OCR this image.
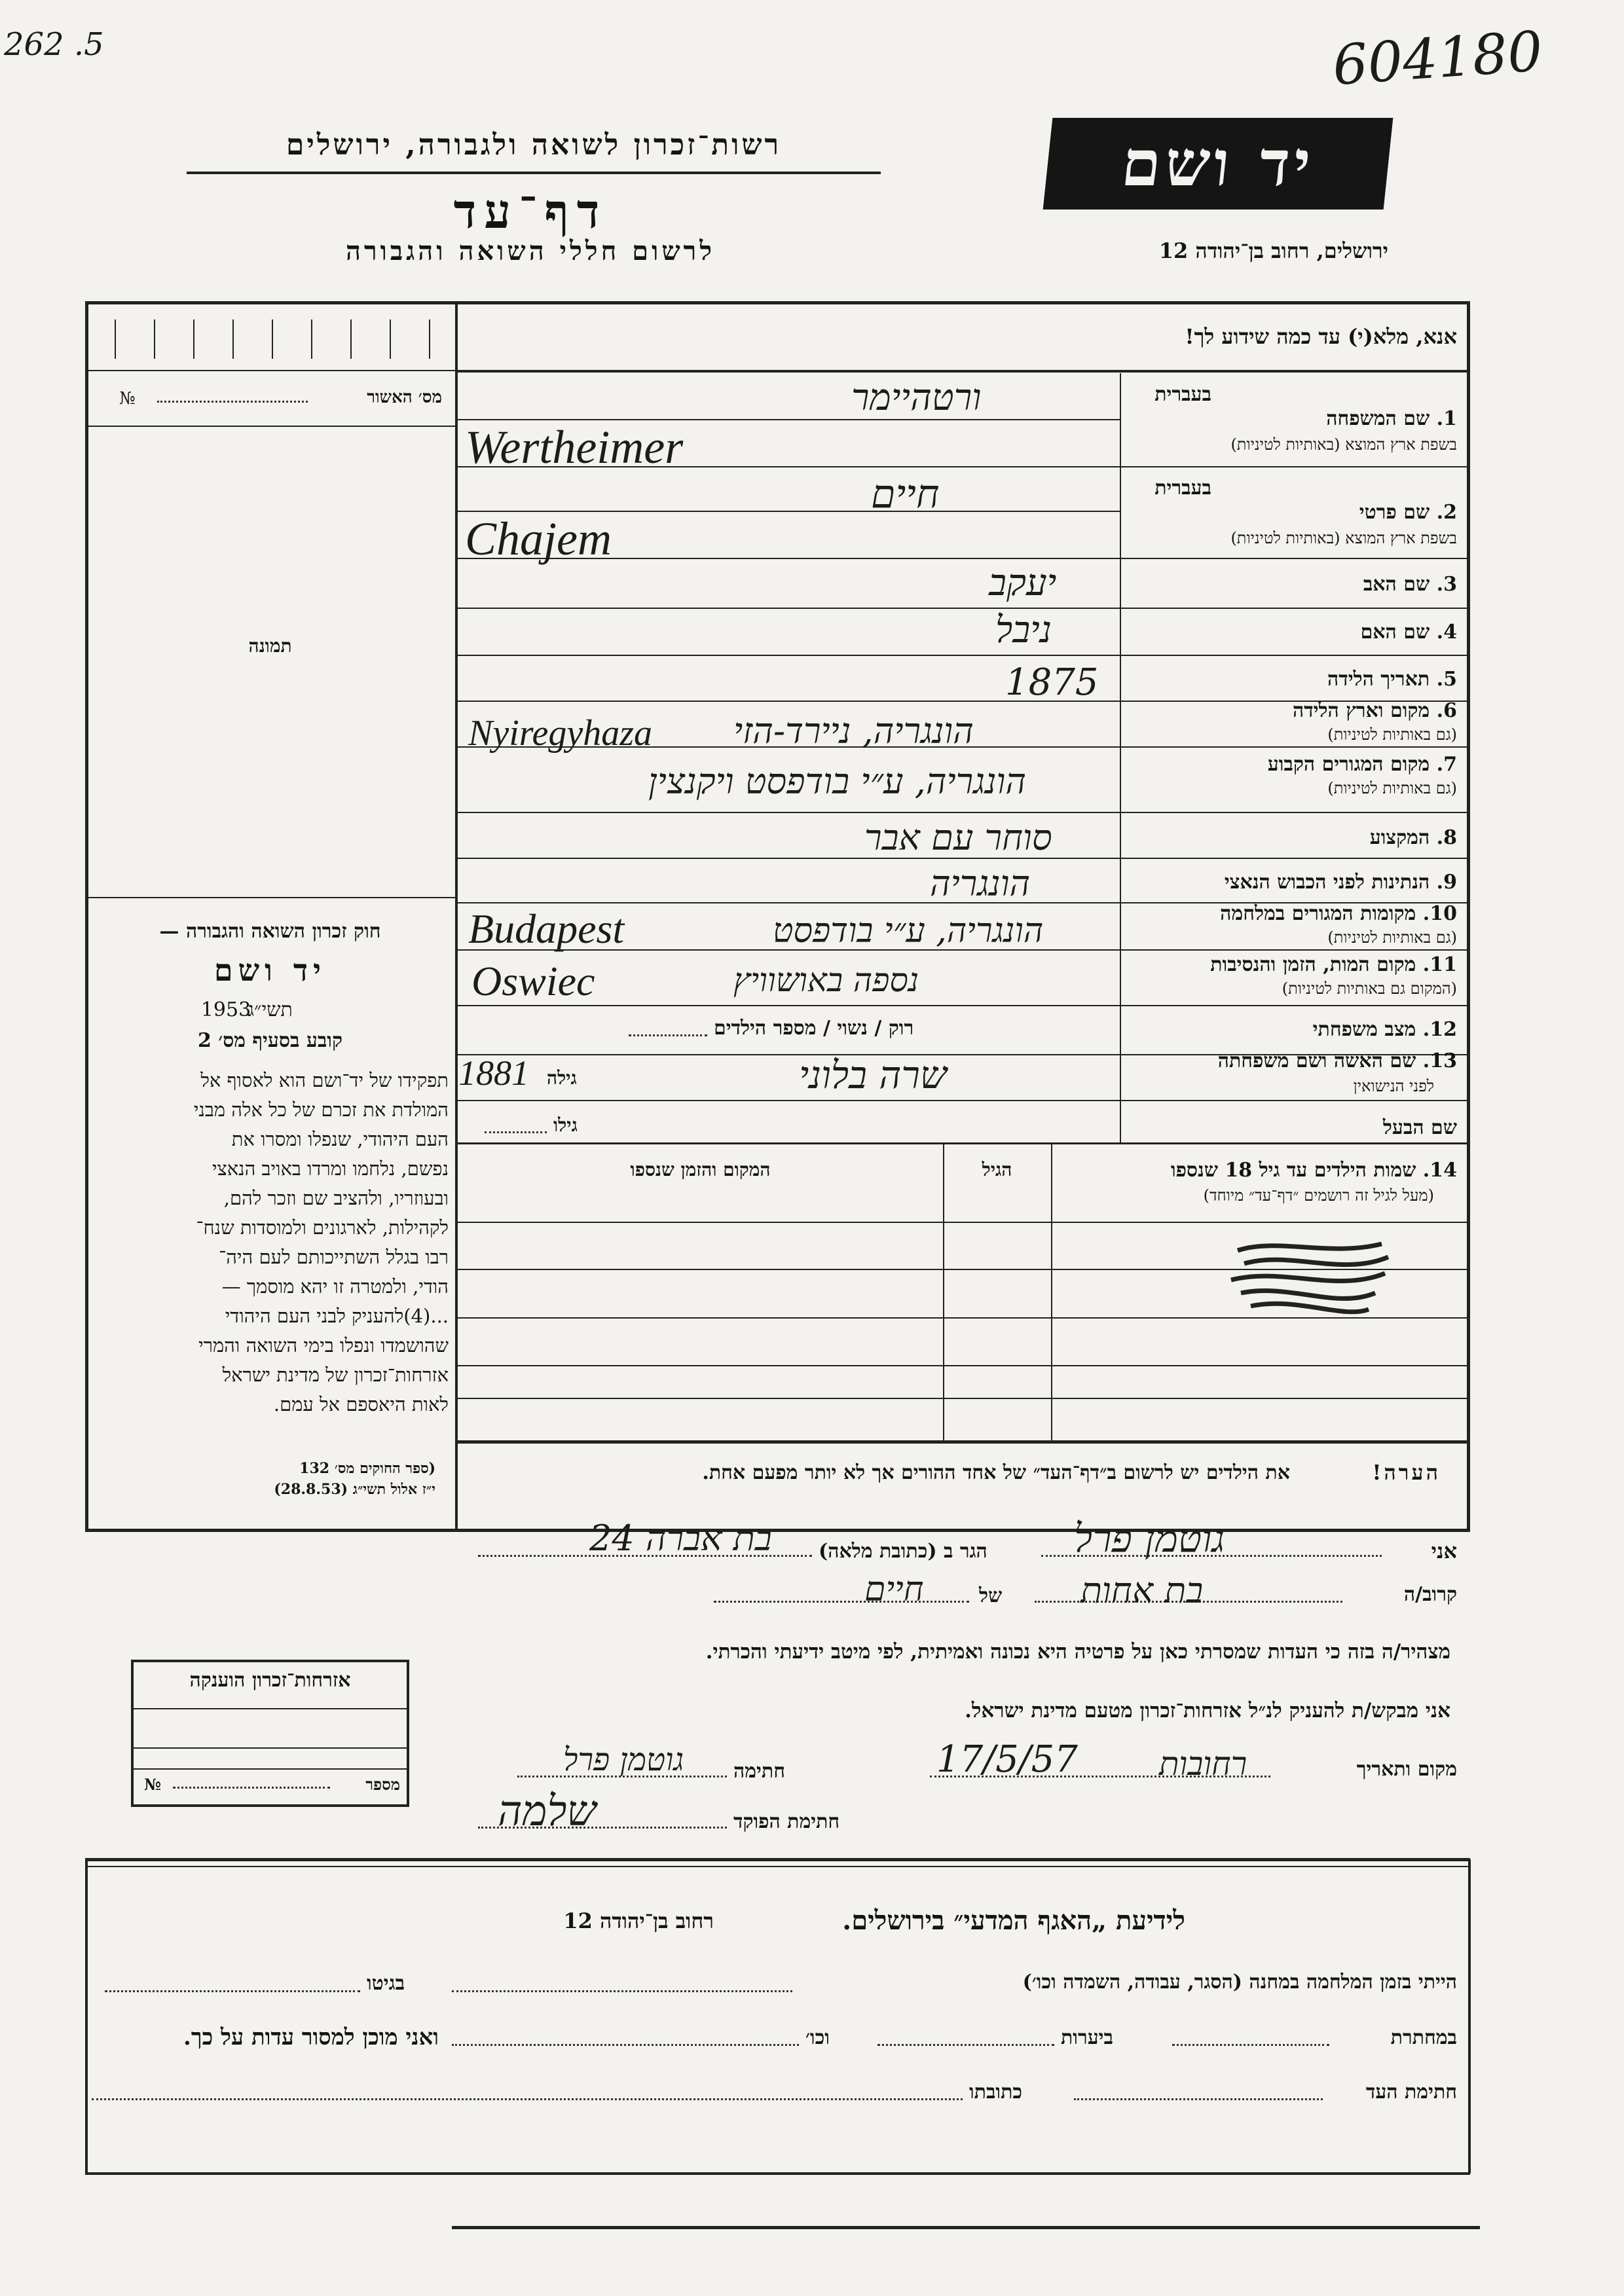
262 .5	604180
רשות־זכרון לשואה ולגבורה, ירושלים
דף־עד
לרשום חללי השואה והגבורה
יד ושם
ירושלים, רחוב בן־יהודה 12
אנא, מלא(י) עד כמה שידוע לך!
מס׳ האשור
№
תמונה
חוק זכרון השואה והגבורה —
יד ושם
תשי״ג
1953
קובע בסעיף מס׳ 2
תפקידו של יד־ושם הוא לאסוף אל
המולדת את זכרם של כל אלה מבני
העם היהודי, שנפלו ומסרו את
נפשם, נלחמו ומרדו באויב הנאצי
ובעוזריו, ולהציב שם וזכר להם,
לקהילות, לארגונים ולמוסדות שנח־
רבו בגלל השתייכותם לעם היה־
הודי, ולמטרה זו יהא מוסמך —
...(4)להעניק לבני העם היהודי
שהושמדו ונפלו בימי השואה והמרי
אזרחות־זכרון של מדינת ישראל
לאות היאספם אל עמם.
(ספר החוקים מס׳ 132
י״ז אלול תשי״ג (28.8.53)
אזרחות־זכרון הוענקה
מספר
№
בעברית
1. שם המשפחה
בשפת ארץ המוצא (באותיות לטיניות)
ורטהיימר
Wertheimer
בעברית
2. שם פרטי
בשפת ארץ המוצא (באותיות לטיניות)
חיים
Chajem
3. שם האב
יעקב
4. שם האם
ניבל
5. תאריך הלידה
1875
6. מקום וארץ הלידה
(גם באותיות לטיניות)
Nyiregyhaza הונגריה, ניירד-הזי
7. מקום המגורים הקבוע
(גם באותיות לטיניות)
הונגריה, ע״י בודפסט ויקנצין
8. המקצוע
סוחר עם אבר
9. הנתינות לפני הכבוש הנאצי
הונגריה
10. מקומות המגורים במלחמה
(גם באותיות לטיניות)
Budapest	הונגריה, ע״י בודפסט
11. מקום המות, הזמן והנסיבות
(המקום גם באותיות לטיניות)
Oswiec	נספה באושוויץ
12. מצב משפחתי
רוק / נשוי / מספר הילדים
13. שם האשה ושם משפחתה
לפני הנישואין
שרה בלוני
גילה
1881
שם הבעל
גילו
14. שמות הילדים עד גיל 18 שנספו
(מעל לגיל זה רושמים ״דף־עד״ מיוחד)
הגיל
המקום והזמן שנספו
הערה!
את הילדים יש לרשום ב״דף־העד״ של אחד ההורים אך לא יותר מפעם אחת.
אני
גוטמן פרל
הגר ב (כתובת מלאה)
בת אברה 24
קרוב/ה
בת אחות
של
חיים
מצהיר/ה בזה כי העדות שמסרתי כאן על פרטיה היא נכונה ואמיתית, לפי מיטב ידיעתי והכרתי.
אני מבקש/ת להעניק לנ״ל אזרחות־זכרון מטעם מדינת ישראל.
מקום ותאריך
רחובות
17/5/57
חתימה
גוטמן פרל
חתימת הפוקד
שלמה
לידיעת „האגף המדעי״ בירושלים.
רחוב בן־יהודה 12
הייתי בזמן המלחמה במחנה (הסגר, עבודה, השמדה וכו׳)
בגיטו
במחתרת
ביערות
וכו׳
ואני מוכן למסור עדות על כך.
חתימת העד
כתובתו
